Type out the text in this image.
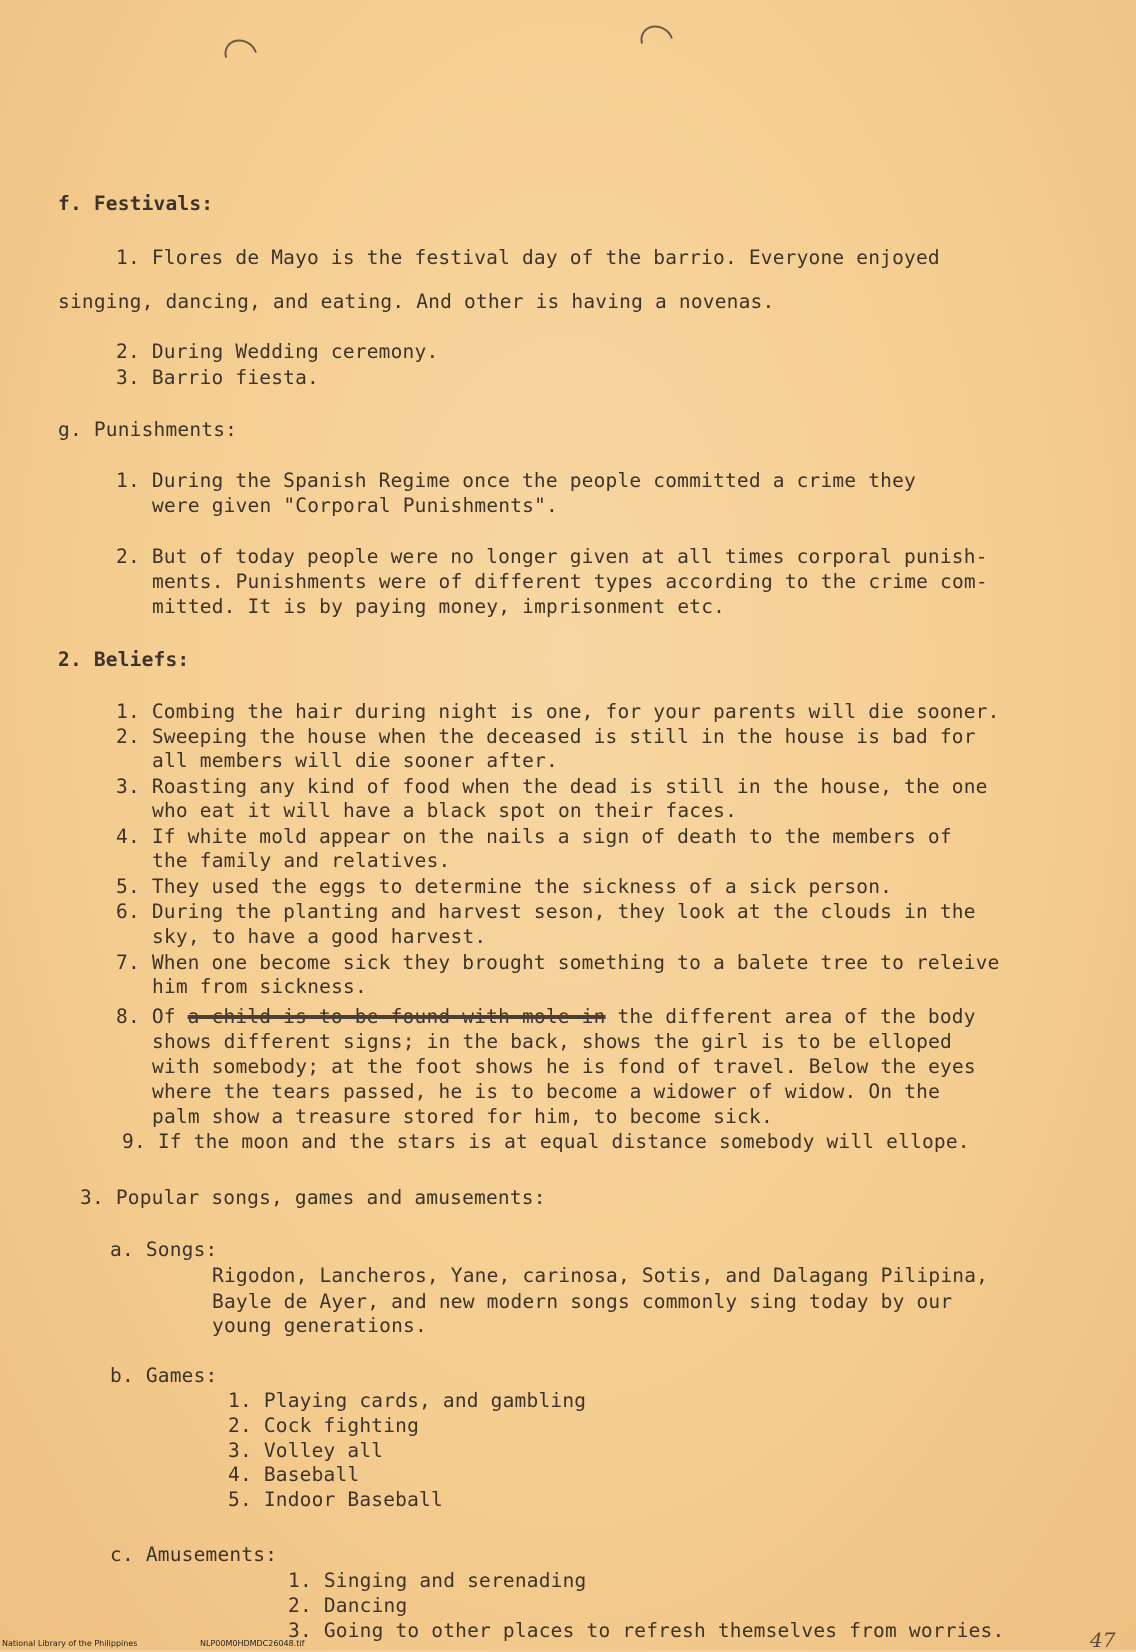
f. Festivals:
1. Flores de Mayo is the festival day of the barrio. Everyone enjoyed
singing, dancing, and eating. And other is having a novenas.
2. During Wedding ceremony.
3. Barrio fiesta.
g. Punishments:
1. During the Spanish Regime once the people committed a crime they
were given "Corporal Punishments".
2. But of today people were no longer given at all times corporal punish-
ments. Punishments were of different types according to the crime com-
mitted. It is by paying money, imprisonment etc.
2. Beliefs:
1. Combing the hair during night is one, for your parents will die sooner.
2. Sweeping the house when the deceased is still in the house is bad for
all members will die sooner after.
3. Roasting any kind of food when the dead is still in the house, the one
who eat it will have a black spot on their faces.
4. If white mold appear on the nails a sign of death to the members of
the family and relatives.
5. They used the eggs to determine the sickness of a sick person.
6. During the planting and harvest seson, they look at the clouds in the
sky, to have a good harvest.
7. When one become sick they brought something to a balete tree to releive
him from sickness.
8. Of a child is to be found with mole in the different area of the body
shows different signs; in the back, shows the girl is to be elloped
with somebody; at the foot shows he is fond of travel. Below the eyes
where the tears passed, he is to become a widower of widow. On the
palm show a treasure stored for him, to become sick.
9. If the moon and the stars is at equal distance somebody will ellope.
3. Popular songs, games and amusements:
a. Songs:
Rigodon, Lancheros, Yane, carinosa, Sotis, and Dalagang Pilipina,
Bayle de Ayer, and new modern songs commonly sing today by our
young generations.
b. Games:
1. Playing cards, and gambling
2. Cock fighting
3. Volley all
4. Baseball
5. Indoor Baseball
c. Amusements:
1. Singing and serenading
2. Dancing
3. Going to other places to refresh themselves from worries.
National Library of the Philippines	NLP00M0HDMDC26048.tif	47
